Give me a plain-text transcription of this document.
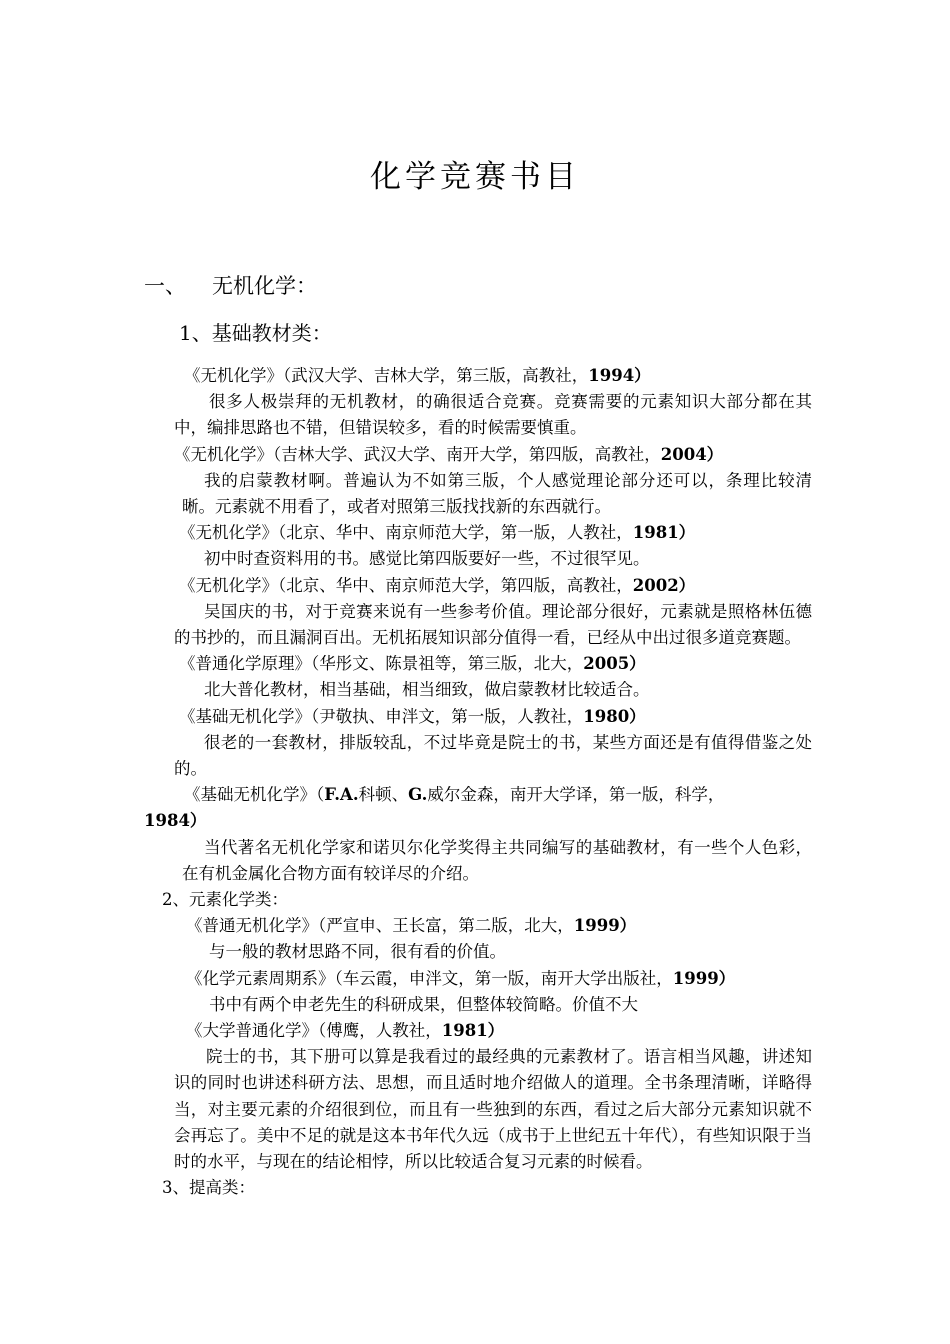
化学竞赛书目
一、 无机化学：
1、基础教材类：
《无机化学》（武汉大学、吉林大学，第三版，高教社，1994）
很多人极崇拜的无机教材，的确很适合竞赛。竞赛需要的元素知识大部分都在其中，编排思路也不错，但错误较多，看的时候需要慎重。
《无机化学》（吉林大学、武汉大学、南开大学，第四版，高教社，2004）
我的启蒙教材啊。普遍认为不如第三版，个人感觉理论部分还可以，条理比较清晰。元素就不用看了，或者对照第三版找找新的东西就行。
《无机化学》（北京、华中、南京师范大学，第一版，人教社，1981）
初中时查资料用的书。感觉比第四版要好一些，不过很罕见。
《无机化学》（北京、华中、南京师范大学，第四版，高教社，2002）
吴国庆的书，对于竞赛来说有一些参考价值。理论部分很好，元素就是照格林伍德的书抄的，而且漏洞百出。无机拓展知识部分值得一看，已经从中出过很多道竞赛题。
《普通化学原理》（华彤文、陈景祖等，第三版，北大，2005）
北大普化教材，相当基础，相当细致，做启蒙教材比较适合。
《基础无机化学》（尹敬执、申泮文，第一版，人教社，1980）
很老的一套教材，排版较乱，不过毕竟是院士的书，某些方面还是有值得借鉴之处的。
《基础无机化学》（F.A.科顿、G.威尔金森，南开大学译，第一版，科学，
1984）
当代著名无机化学家和诺贝尔化学奖得主共同编写的基础教材，有一些个人色彩，在有机金属化合物方面有较详尽的介绍。
2、元素化学类：
《普通无机化学》（严宣申、王长富，第二版，北大，1999）
与一般的教材思路不同，很有看的价值。
《化学元素周期系》（车云霞，申泮文，第一版，南开大学出版社，1999）
书中有两个申老先生的科研成果，但整体较简略。价值不大
《大学普通化学》（傅鹰，人教社，1981）
院士的书，其下册可以算是我看过的最经典的元素教材了。语言相当风趣，讲述知识的同时也讲述科研方法、思想，而且适时地介绍做人的道理。全书条理清晰，详略得当，对主要元素的介绍很到位，而且有一些独到的东西，看过之后大部分元素知识就不会再忘了。美中不足的就是这本书年代久远（成书于上世纪五十年代），有些知识限于当时的水平，与现在的结论相悖，所以比较适合复习元素的时候看。
3、提高类：
